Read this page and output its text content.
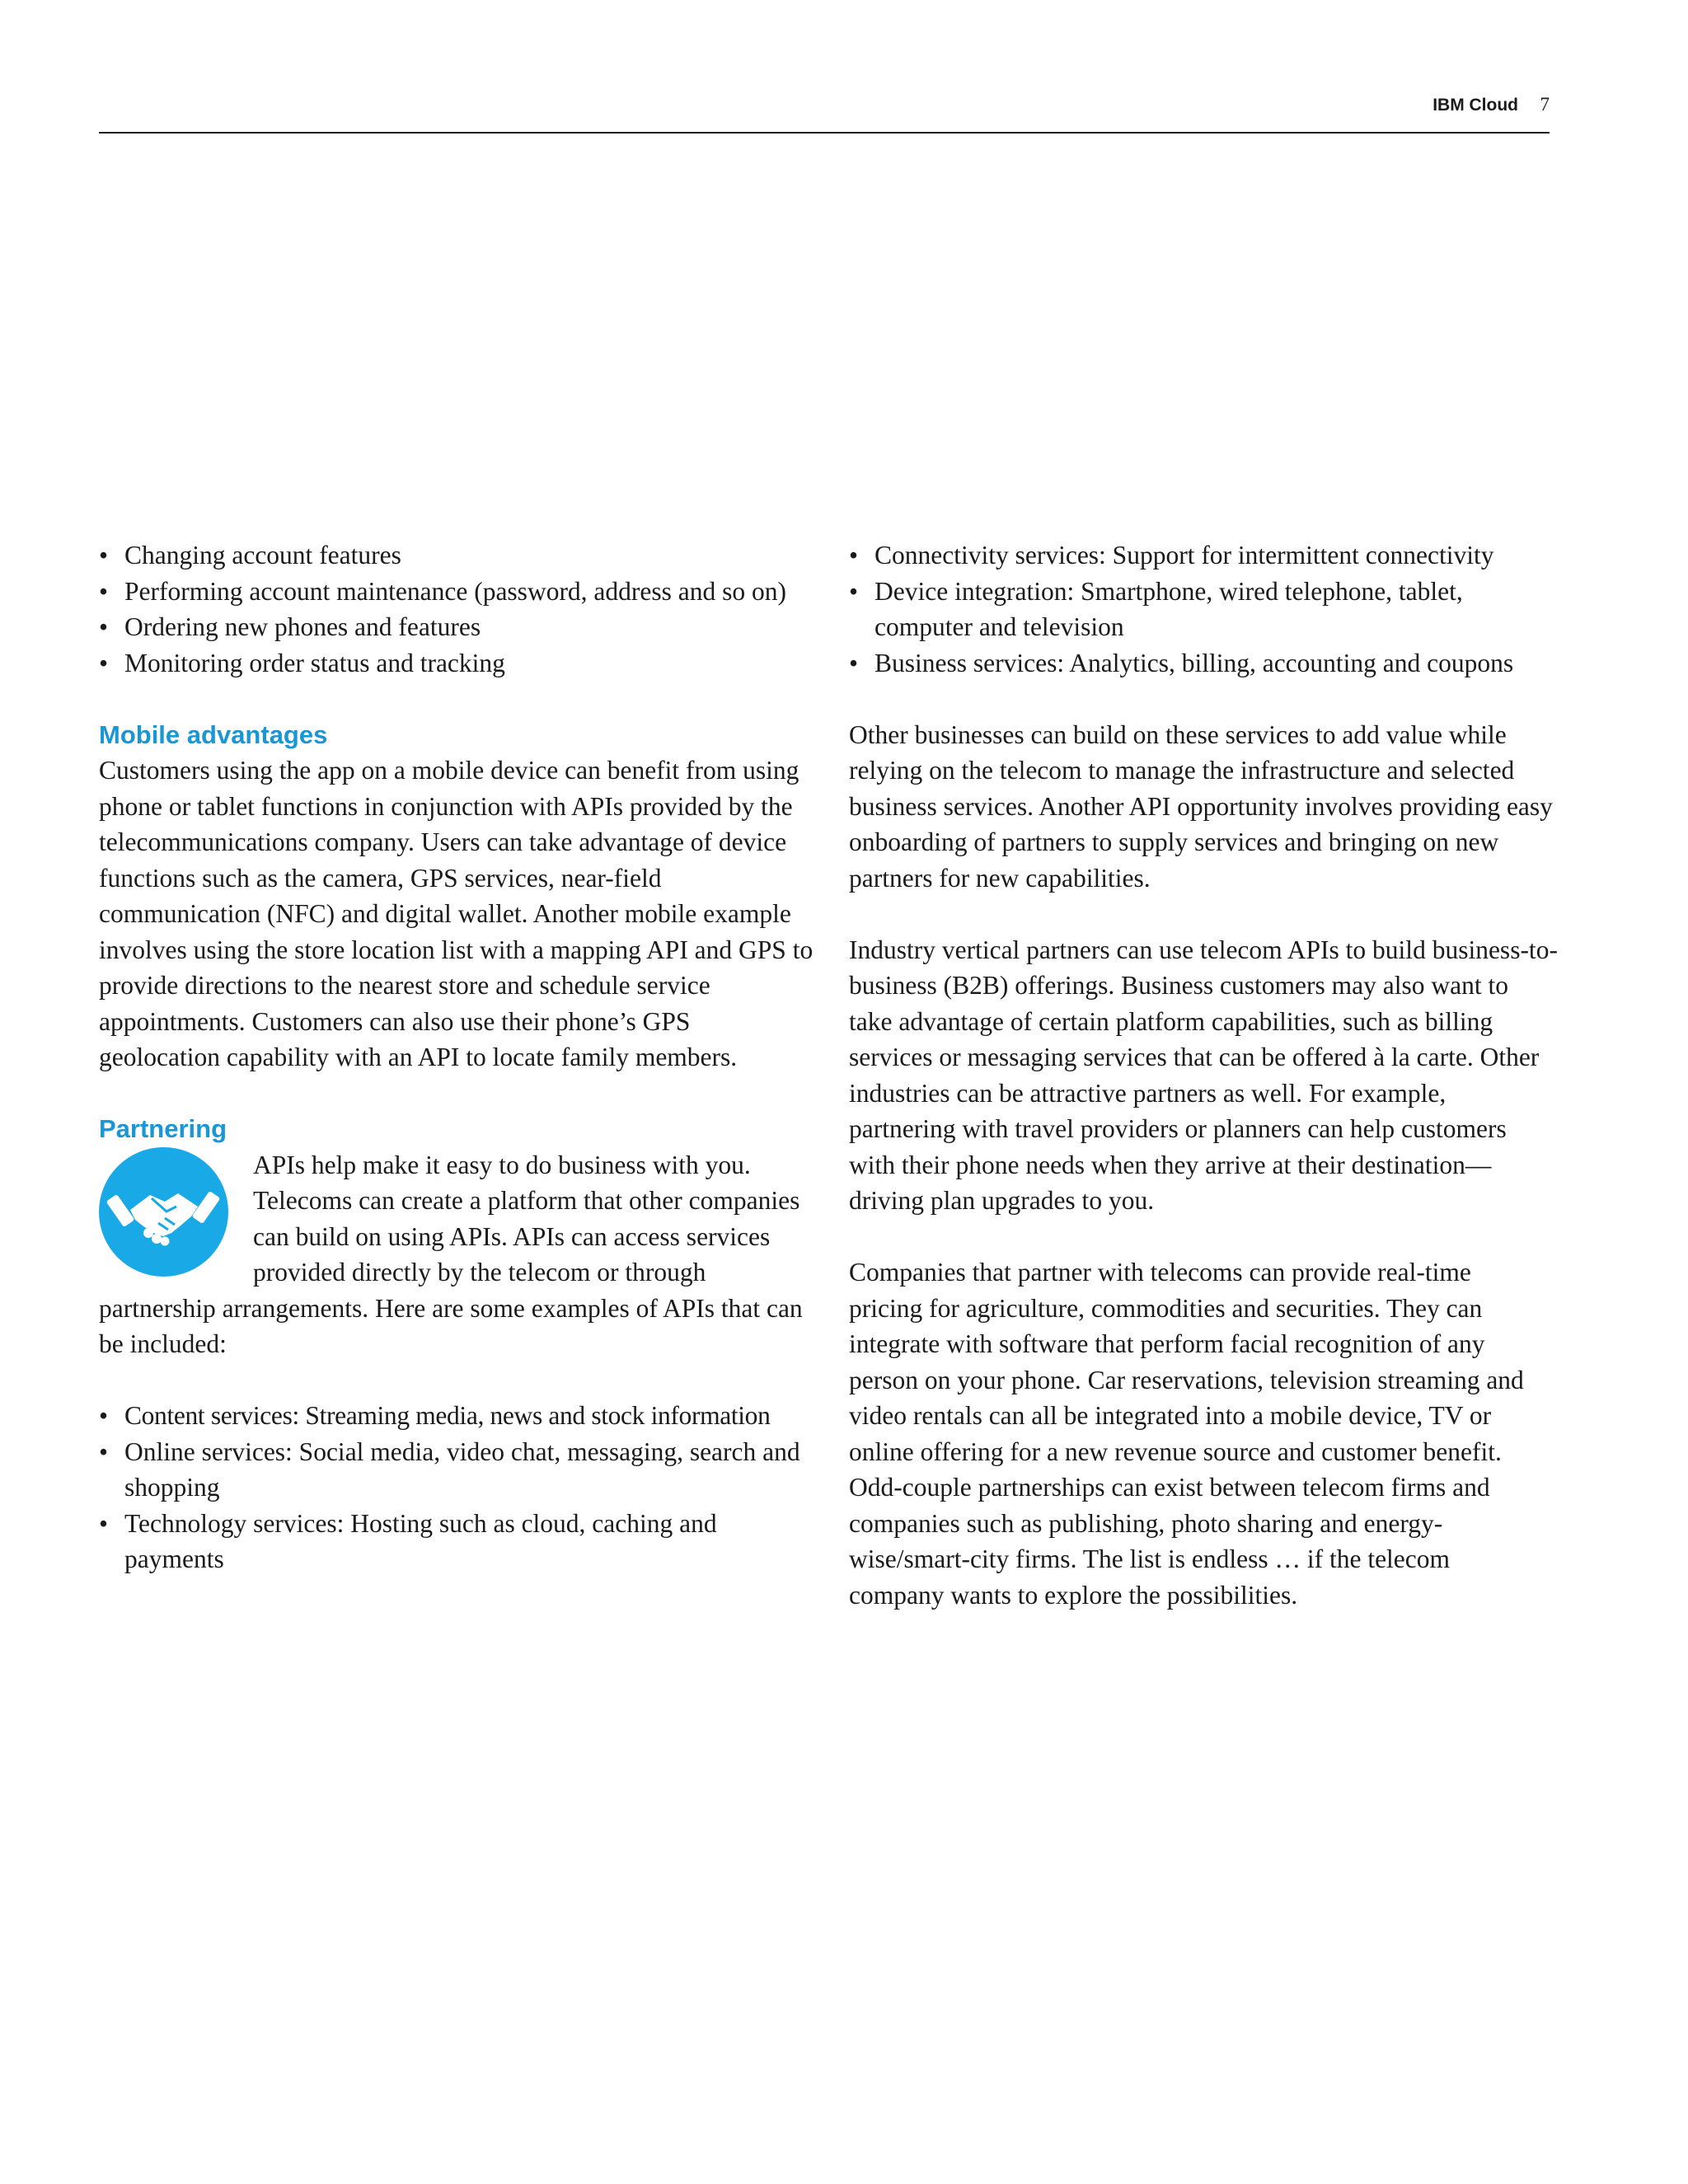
IBM Cloud 7
• Changing account features
• Performing account maintenance (password, address and so on)
• Ordering new phones and features
• Monitoring order status and tracking
Mobile advantages

Customers using the app on a mobile device can benefit from using phone or tablet functions in conjunction with APIs provided by the telecommunications company. Users can take advantage of device functions such as the camera, GPS services, near-field communication (NFC) and digital wallet. Another mobile example involves using the store location list with a mapping API and GPS to provide directions to the nearest store and schedule service appointments. Customers can also use their phone’s GPS geolocation capability with an API to locate family members.

Partnering

APIs help make it easy to do business with you. Telecoms can create a platform that other companies can build on using APIs. APIs can access services provided directly by the telecom or through partnership arrangements. Here are some examples of APIs that can be included:

• Content services: Streaming media, news and stock information
• Online services: Social media, video chat, messaging, search and shopping
• Technology services: Hosting such as cloud, caching and payments
• Connectivity services: Support for intermittent connectivity
• Device integration: Smartphone, wired telephone, tablet, computer and television
• Business services: Analytics, billing, accounting and coupons

Other businesses can build on these services to add value while relying on the telecom to manage the infrastructure and selected business services. Another API opportunity involves providing easy onboarding of partners to supply services and bringing on new partners for new capabilities.

Industry vertical partners can use telecom APIs to build business-to-business (B2B) offerings. Business customers may also want to take advantage of certain platform capabilities, such as billing services or messaging services that can be offered à la carte. Other industries can be attractive partners as well. For example, partnering with travel providers or planners can help customers with their phone needs when they arrive at their destination—driving plan upgrades to you.

Companies that partner with telecoms can provide real-time pricing for agriculture, commodities and securities. They can integrate with software that perform facial recognition of any person on your phone. Car reservations, television streaming and video rentals can all be integrated into a mobile device, TV or online offering for a new revenue source and customer benefit. Odd-couple partnerships can exist between telecom firms and companies such as publishing, photo sharing and energy-wise/smart-city firms. The list is endless … if the telecom company wants to explore the possibilities.
